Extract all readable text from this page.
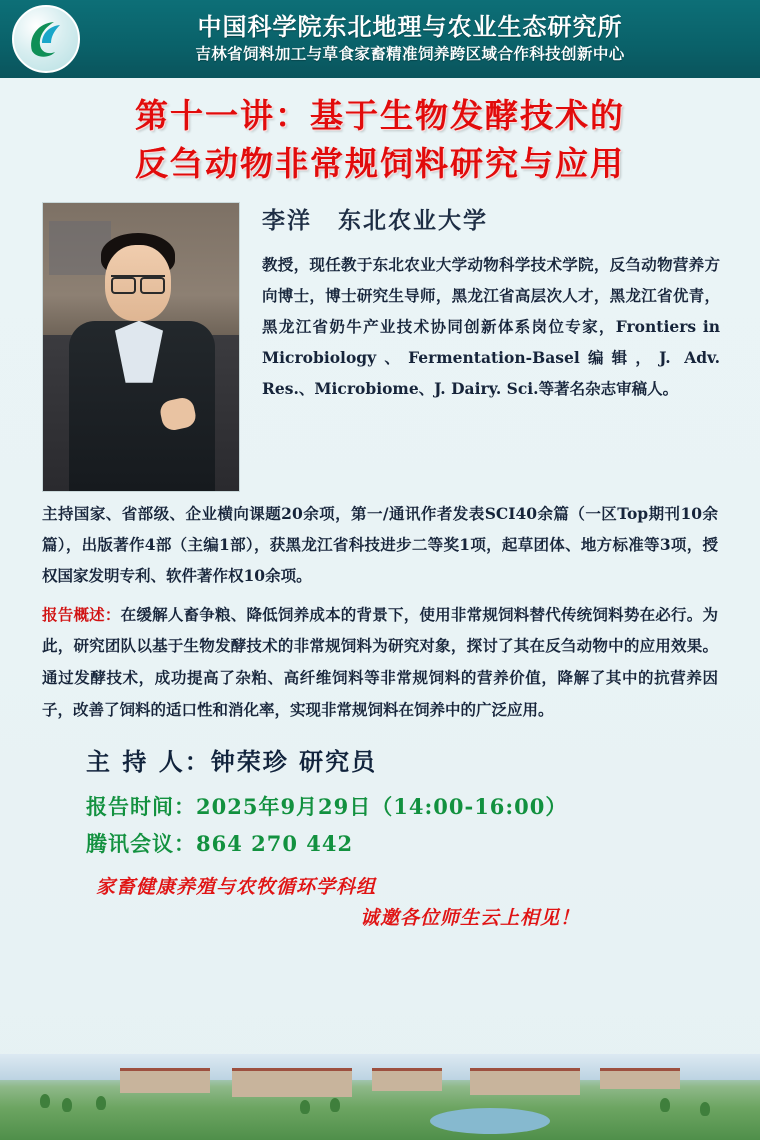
中国科学院东北地理与农业生态研究所
吉林省饲料加工与草食家畜精准饲养跨区域合作科技创新中心
第十一讲：基于生物发酵技术的
反刍动物非常规饲料研究与应用
李洋 东北农业大学
教授，现任教于东北农业大学动物科学技术学院，反刍动物营养方向博士，博士研究生导师，黑龙江省高层次人才，黑龙江省优青，黑龙江省奶牛产业技术协同创新体系岗位专家，Frontiers in Microbiology、Fermentation-Basel编辑，J. Adv. Res.、Microbiome、J. Dairy. Sci.等著名杂志审稿人。
主持国家、省部级、企业横向课题20余项，第一/通讯作者发表SCI40余篇（一区Top期刊10余篇），出版著作4部（主编1部），获黑龙江省科技进步二等奖1项，起草团体、地方标准等3项，授权国家发明专利、软件著作权10余项。
报告概述：在缓解人畜争粮、降低饲养成本的背景下，使用非常规饲料替代传统饲料势在必行。为此，研究团队以基于生物发酵技术的非常规饲料为研究对象，探讨了其在反刍动物中的应用效果。通过发酵技术，成功提高了杂粕、高纤维饲料等非常规饲料的营养价值，降解了其中的抗营养因子，改善了饲料的适口性和消化率，实现非常规饲料在饲养中的广泛应用。
主 持 人：钟荣珍 研究员
报告时间：2025年9月29日（14:00-16:00）
腾讯会议：864 270 442
家畜健康养殖与农牧循环学科组
诚邀各位师生云上相见！
